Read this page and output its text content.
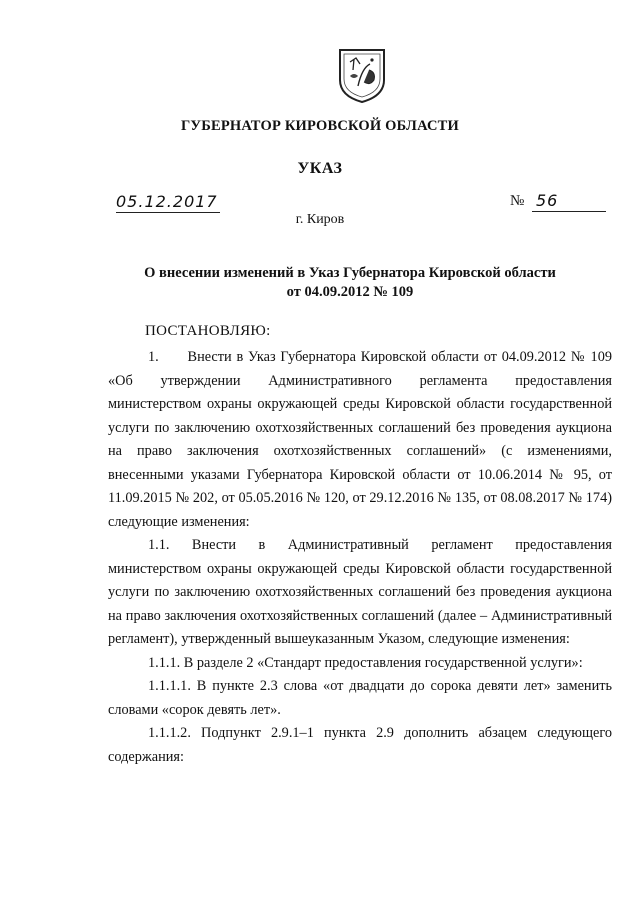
ГУБЕРНАТОР КИРОВСКОЙ ОБЛАСТИ
УКАЗ
05.12.2017	№ 56
г. Киров
О внесении изменений в Указ Губернатора Кировской области
от 04.09.2012 № 109
ПОСТАНОВЛЯЮ:

1.      Внести в Указ Губернатора Кировской области от 04.09.2012 № 109 «Об утверждении Административного регламента предоставления министерством охраны окружающей среды Кировской области государственной услуги по заключению охотхозяйственных соглашений без проведения аукциона на право заключения охотхозяйственных соглашений» (с изменениями, внесенными указами Губернатора Кировской области от 10.06.2014 № 95, от 11.09.2015 № 202, от 05.05.2016 № 120, от 29.12.2016 № 135, от 08.08.2017 № 174) следующие изменения:

1.1. Внести в Административный регламент предоставления министерством охраны окружающей среды Кировской области государственной услуги по заключению охотхозяйственных соглашений без проведения аукциона на право заключения охотхозяйственных соглашений (далее – Административный регламент), утвержденный вышеуказанным Указом, следующие изменения:

1.1.1. В разделе 2 «Стандарт предоставления государственной услуги»:

1.1.1.1. В пункте 2.3 слова «от двадцати до сорока девяти лет» заменить словами «сорок девять лет».

1.1.1.2. Подпункт 2.9.1–1 пункта 2.9 дополнить абзацем следующего содержания:
